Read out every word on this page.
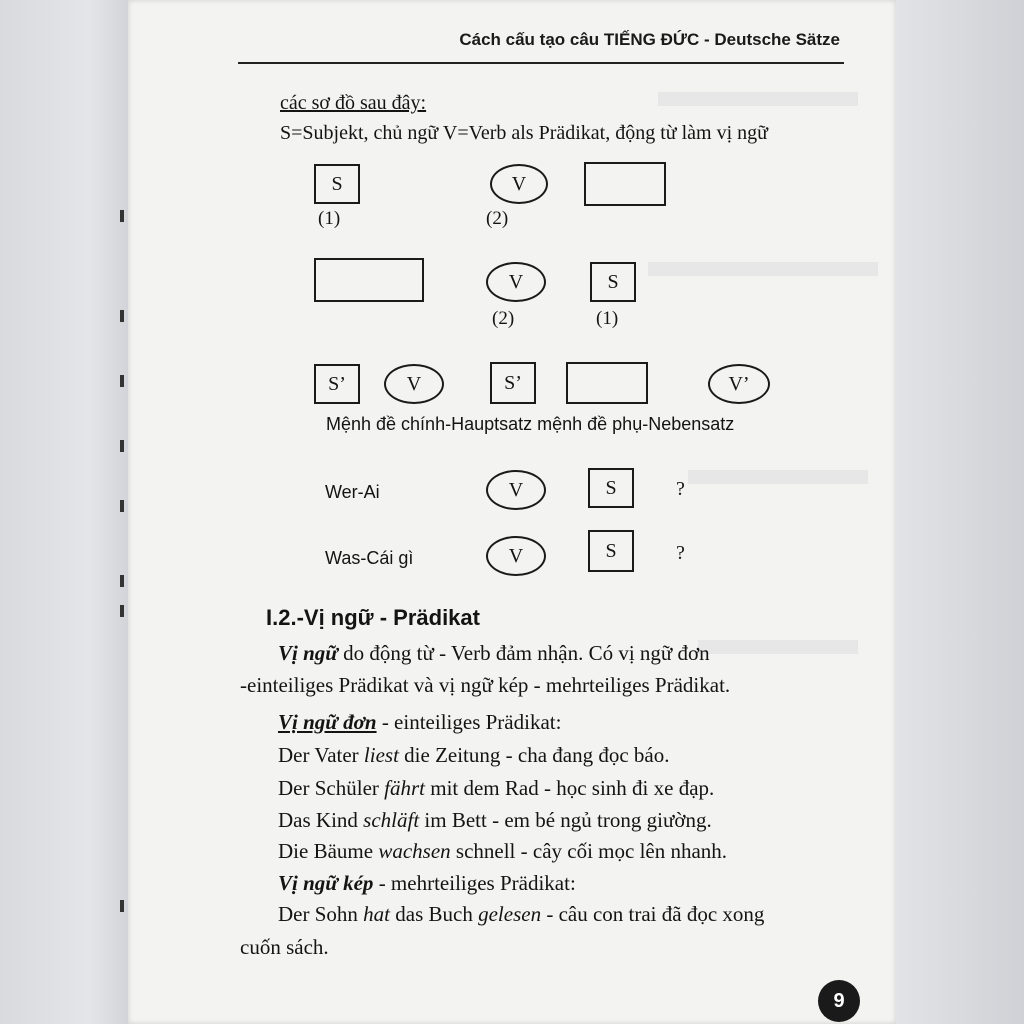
Cách cấu tạo câu TIẾNG ĐỨC - Deutsche Sätze
các sơ đồ sau đây:
S=Subjekt, chủ ngữ V=Verb als Prädikat, động từ làm vị ngữ
S	V
(1)	(2)
V	S
(2)	(1)
S’	V	S’	V’
Mệnh đề chính-Hauptsatz mệnh đề phụ-Nebensatz
Wer-Ai	V	S	?
Was-Cái gì	V	S	?
I.2.-Vị ngữ - Prädikat
Vị ngữ do động từ - Verb đảm nhận. Có vị ngữ đơn
-einteiliges Prädikat và vị ngữ kép - mehrteiliges Prädikat.
Vị ngữ đơn - einteiliges Prädikat:
Der Vater liest die Zeitung - cha đang đọc báo.
Der Schüler fährt mit dem Rad - học sinh đi xe đạp.
Das Kind schläft im Bett - em bé ngủ trong giường.
Die Bäume wachsen schnell - cây cối mọc lên nhanh.
Vị ngữ kép - mehrteiliges Prädikat:
Der Sohn hat das Buch gelesen - câu con trai đã đọc xong
cuốn sách.
9
